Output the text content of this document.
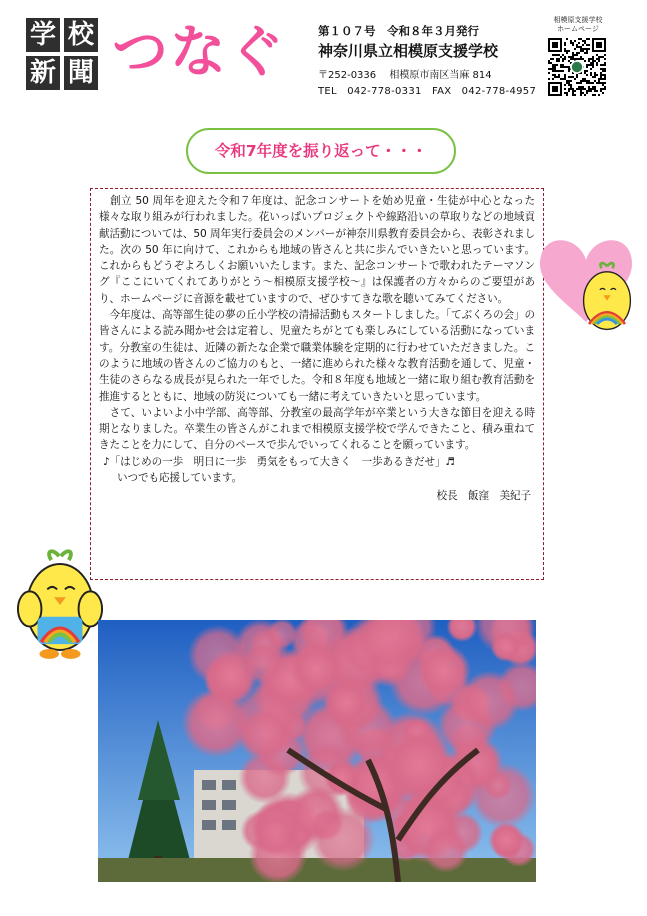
学 校
新 聞 つなぐ	第１０７号　令和８年３月発行
神奈川県立相模原支援学校
〒252-0336　 相模原市南区当麻 814
TEL　042-778-0331　FAX　042-778-4957
相模原支援学校
ホームページ
令和7年度を振り返って・・・

　創立 50 周年を迎えた令和７年度は、記念コンサートを始め児童・生徒が中心となった様々な取り組みが行われました。花いっぱいプロジェクトや線路沿いの草取りなどの地域貢献活動については、50 周年実行委員会のメンバーが神奈川県教育委員会から、表彰されました。次の 50 年に向けて、これからも地域の皆さんと共に歩んでいきたいと思っています。これからもどうぞよろしくお願いいたします。また、記念コンサートで歌われたテーマソング『ここにいてくれてありがとう～相模原支援学校～』は保護者の方々からのご要望があり、ホームページに音源を載せていますので、ぜひすてきな歌を聴いてみてください。

　今年度は、高等部生徒の夢の丘小学校の清掃活動もスタートしました。「てぶくろの会」の皆さんによる読み聞かせ会は定着し、児童たちがとても楽しみにしている活動になっています。分教室の生徒は、近隣の新たな企業で職業体験を定期的に行わせていただきました。このように地域の皆さんのご協力のもと、一緒に進められた様々な教育活動を通して、児童・生徒のさらなる成長が見られた一年でした。令和８年度も地域と一緒に取り組む教育活動を推進するとともに、地域の防災についても一緒に考えていきたいと思っています。

　さて、いよいよ小中学部、高等部、分教室の最高学年が卒業という大きな節目を迎える時期となりました。卒業生の皆さんがこれまで相模原支援学校で学んできたこと、積み重ねてきたことを力にして、自分のペースで歩んでいってくれることを願っています。

♪「はじめの一歩　明日に一歩　勇気をもって大きく　一歩あるきだせ」♬

いつでも応援しています。

校長　飯窪　美紀子
